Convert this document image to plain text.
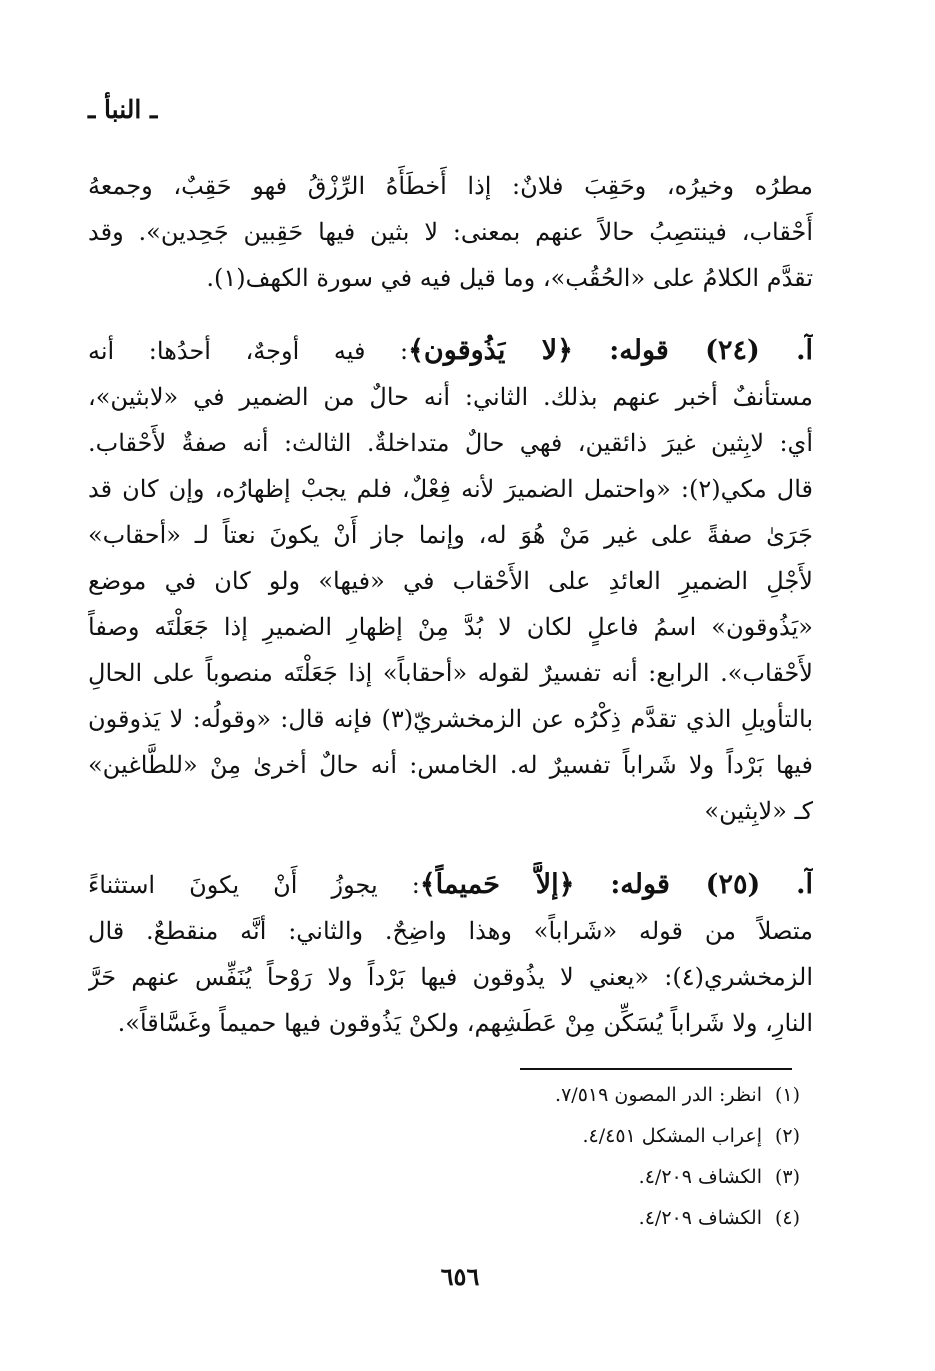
ـ النبأ ـ
مطرُه وخيرُه، وحَقِبَ فلانٌ: إذا أَخطَأَهُ الرِّزْقُ فهو حَقِبٌ، وجمعهُ
أَحْقاب، فينتصِبُ حالاً عنهم بمعنى: لا بثين فيها حَقِبين جَحِدين». وقد
تقدَّم الكلامُ على «الحُقُب»، وما قيل فيه في سورة الكهف(١).
آ. (٢٤) قوله: ﴿لا يَذُوقون﴾: فيه أوجهٌ، أحدُها: أنه
مستأنفٌ أخبر عنهم بذلك. الثاني: أنه حالٌ من الضمير في «لابثين»،
أي: لابِثين غيرَ ذائقين، فهي حالٌ متداخلةٌ. الثالث: أنه صفةٌ لأَحْقاب.
قال مكي(٢): «واحتمل الضميرَ لأنه فِعْلٌ، فلم يجبْ إظهارُه، وإن كان قد
جَرَىٰ صفةً على غير مَنْ هُوَ له، وإنما جاز أَنْ يكونَ نعتاً لـ «أحقاب»
لأَجْلِ الضميرِ العائدِ على الأَحْقاب في «فيها» ولو كان في موضع
«يَذُوقون» اسمُ فاعلٍ لكان لا بُدَّ مِنْ إظهارِ الضميرِ إذا جَعَلْتَه وصفاً
لأَحْقاب». الرابع: أنه تفسيرٌ لقوله «أحقاباً» إذا جَعَلْتَه منصوباً على الحالِ
بالتأويلِ الذي تقدَّم ذِكْرُه عن الزمخشريّ(٣) فإنه قال: «وقولُه: لا يَذوقون
فيها بَرْداً ولا شَراباً تفسيرٌ له. الخامس: أنه حالٌ أخرىٰ مِنْ «للطَّاغين»
كـ «لابِثين»
آ. (٢٥) قوله: ﴿إلاَّ حَميماً﴾: يجوزُ أَنْ يكونَ استثناءً
متصلاً من قوله «شَراباً» وهذا واضِحٌ. والثاني: أنَّه منقطعٌ. قال
الزمخشري(٤): «يعني لا يذُوقون فيها بَرْداً ولا رَوْحاً يُنَفِّس عنهم حَرَّ
النارِ، ولا شَراباً يُسَكِّن مِنْ عَطَشِهم، ولكنْ يَذُوقون فيها حميماً وغَسَّاقاً».
(١)انظر: الدر المصون ٧/٥١٩.
(٢)إعراب المشكل ٤/٤٥١.
(٣)الكشاف ٤/٢٠٩.
(٤)الكشاف ٤/٢٠٩.
٦٥٦
